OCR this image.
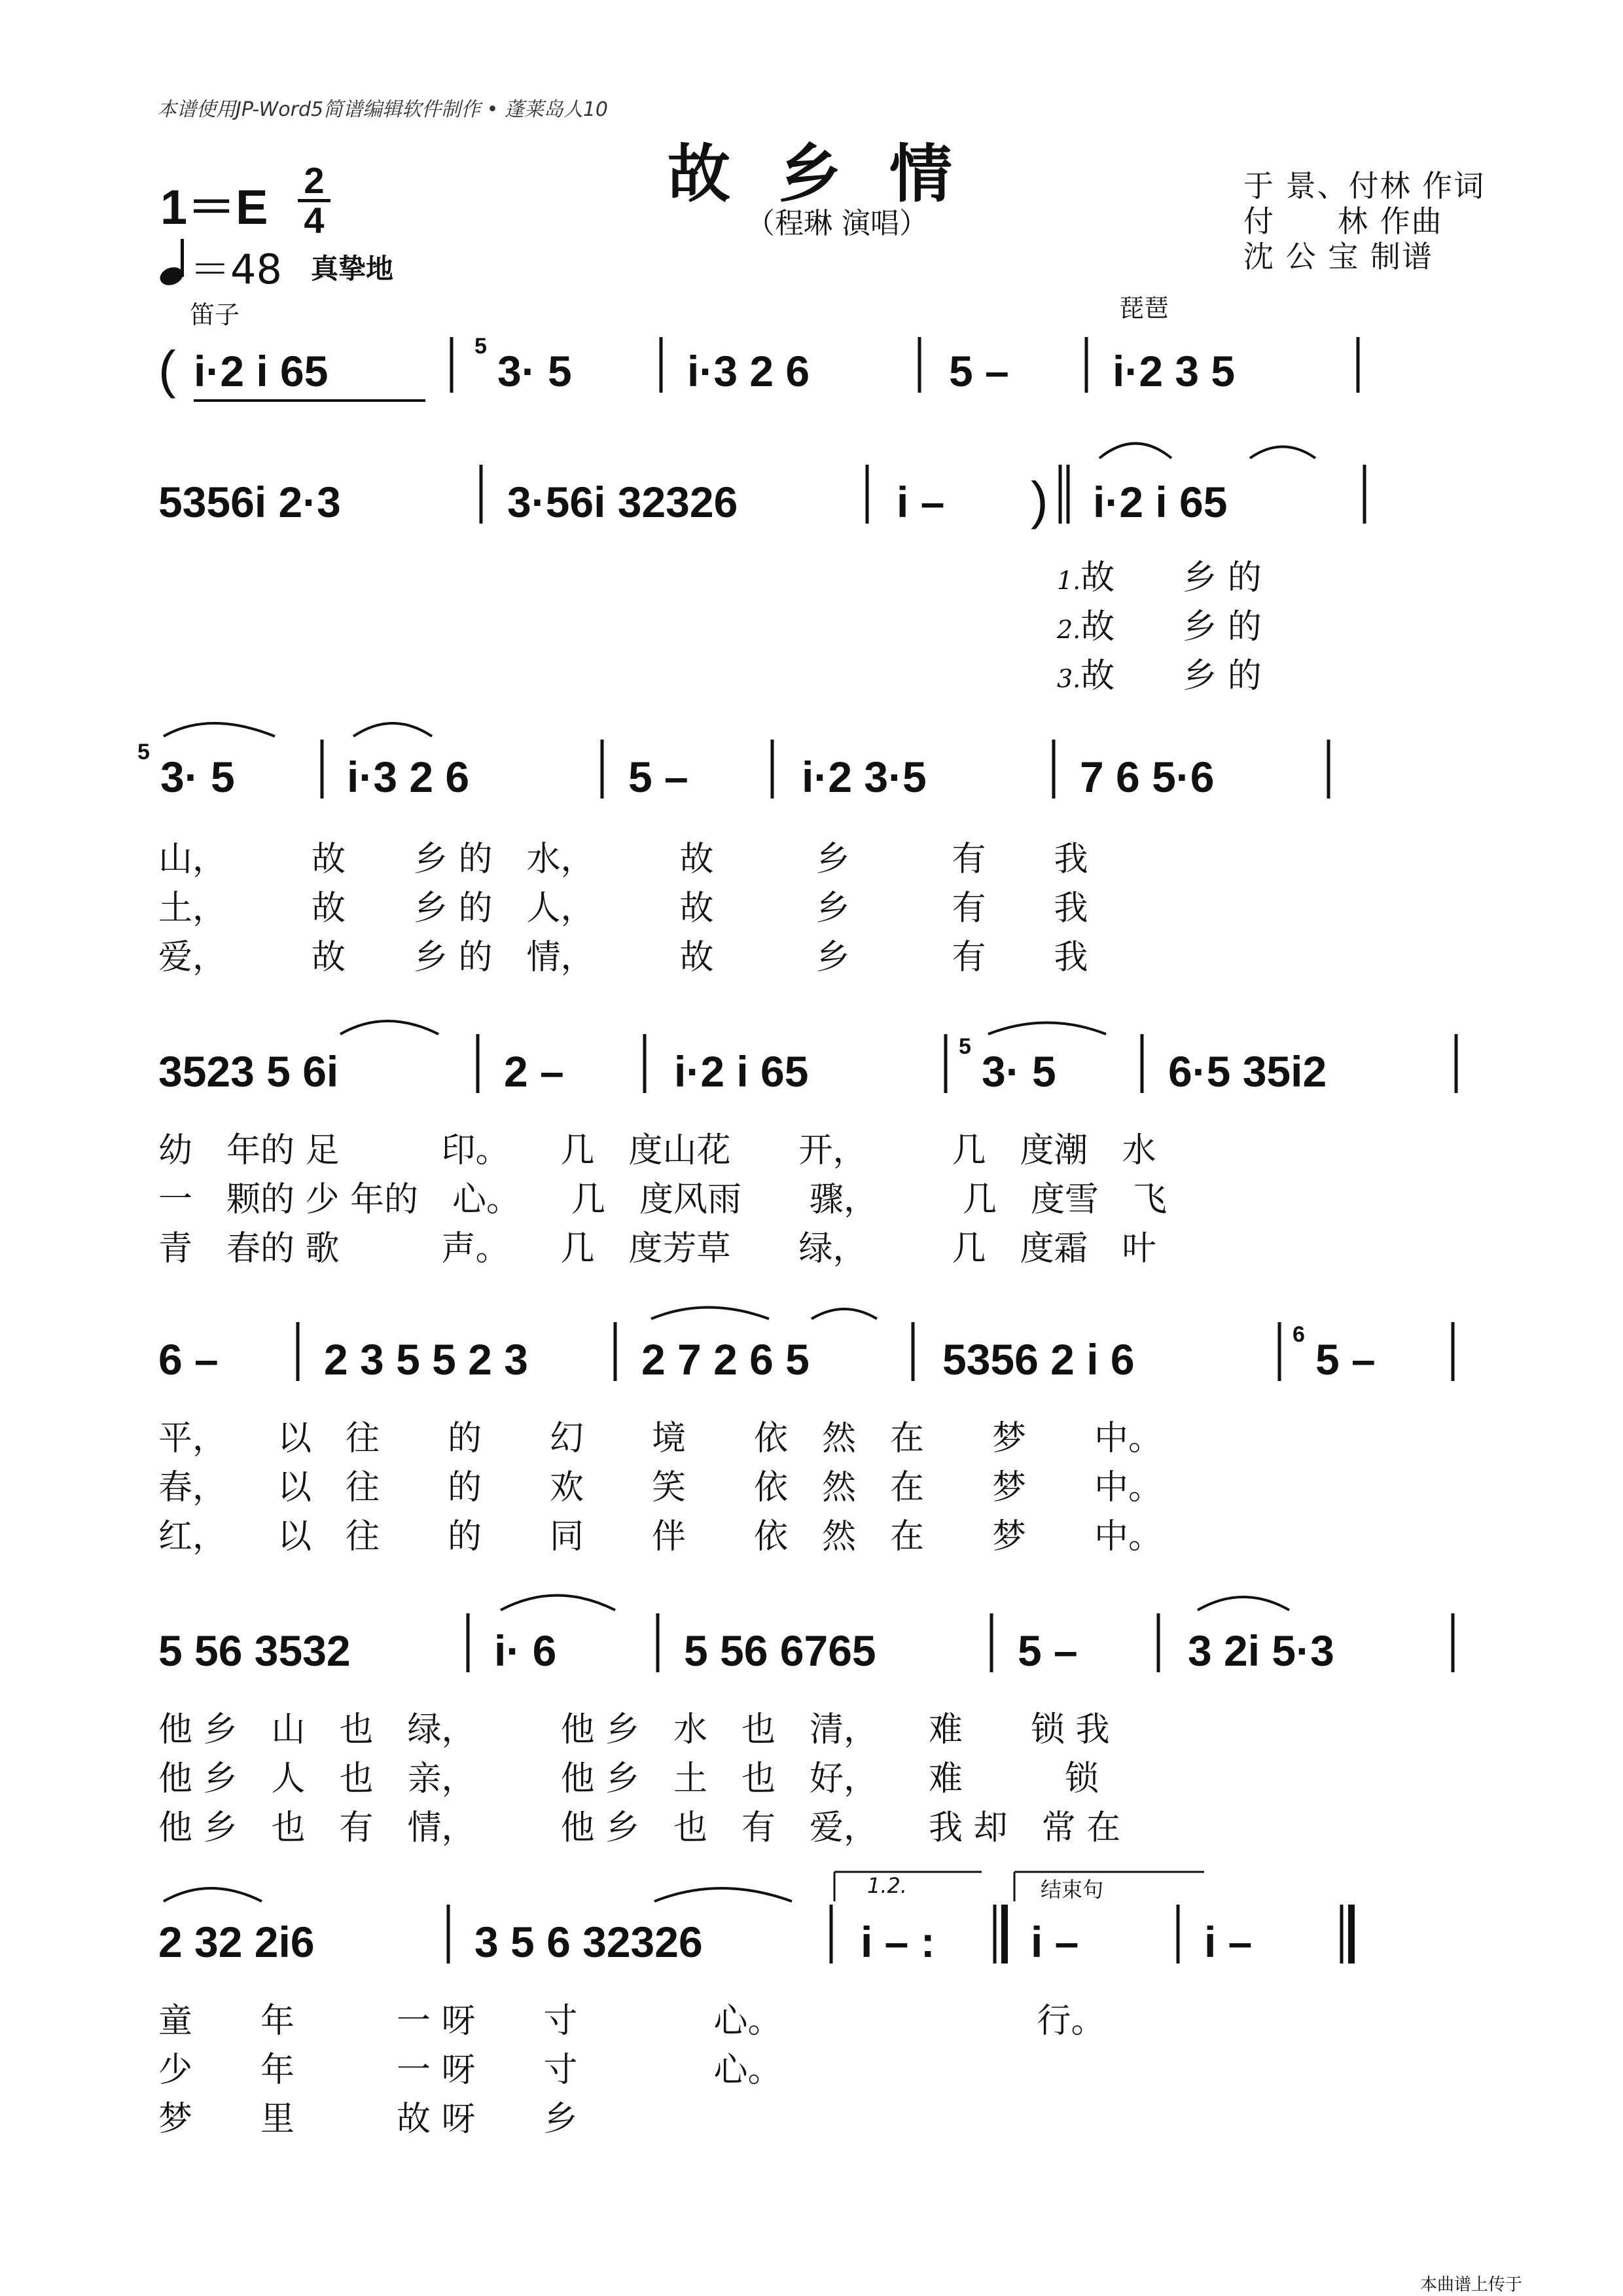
本谱使用JP-Word5简谱编辑软件制作 • 蓬莱岛人10
故 乡 情
（程琳 演唱）
于 景、付林 作词
付　　林 作曲
沈 公 宝 制谱
1＝E 2
4
＝48 真挚地
笛子	琵琶
( i·2 i 65
5
3· 5	i·3 2 6	5 – i·2 3 5
5356i 2·3	3·56i 32326	i – ) i·2 i 65
5
3· 5	i·3 2 6	5 –	i·2 3·5	7 6 5·6
3523 5 6i	2 –	i·2 i 65
5
3· 5	6·5 35i2
6 – 2 3 5 5 2 3	2 7 2 6 5	5356 2 i 6
6
5 –
5 56 3532	i· 6	5 56 6765	5 –	3 2i 5·3
2 32 2i6	3 5 6 32326	i – : i –	i –
1.2.	结束句
1.故　　乡 的
2.故　　乡 的
3.故　　乡 的
山，　　　故　　乡 的　水，　　　故　　　乡　　　有　　我
土，　　　故　　乡 的　人，　　　故　　　乡　　　有　　我
爱，　　　故　　乡 的　情，　　　故　　　乡　　　有　　我
幼　年的 足　　　印。　　几　度山花　　开，　　　几　度潮　水
一　颗的 少 年的　心。　　几　度风雨　　骤，　　　几　度雪　飞
青　春的 歌　　　声。　　几　度芳草　　绿，　　　几　度霜　叶
平，　　以　往　　的　　幻　　境　　依　然　在　　梦　　中。
春，　　以　往　　的　　欢　　笑　　依　然　在　　梦　　中。
红，　　以　往　　的　　同　　伴　　依　然　在　　梦　　中。
他 乡　山　也　绿，　　　他 乡　水　也　清，　　难　　锁 我
他 乡　人　也　亲，　　　他 乡　土　也　好，　　难　　　锁
他 乡　也　有　情，　　　他 乡　也　有　爱，　　我 却　常 在
童　　年　　　一 呀　　寸　　　　心。　　　　　　　　行。
少　　年　　　一 呀　　寸　　　　心。
梦　　里　　　故 呀　　乡
本曲谱上传于
